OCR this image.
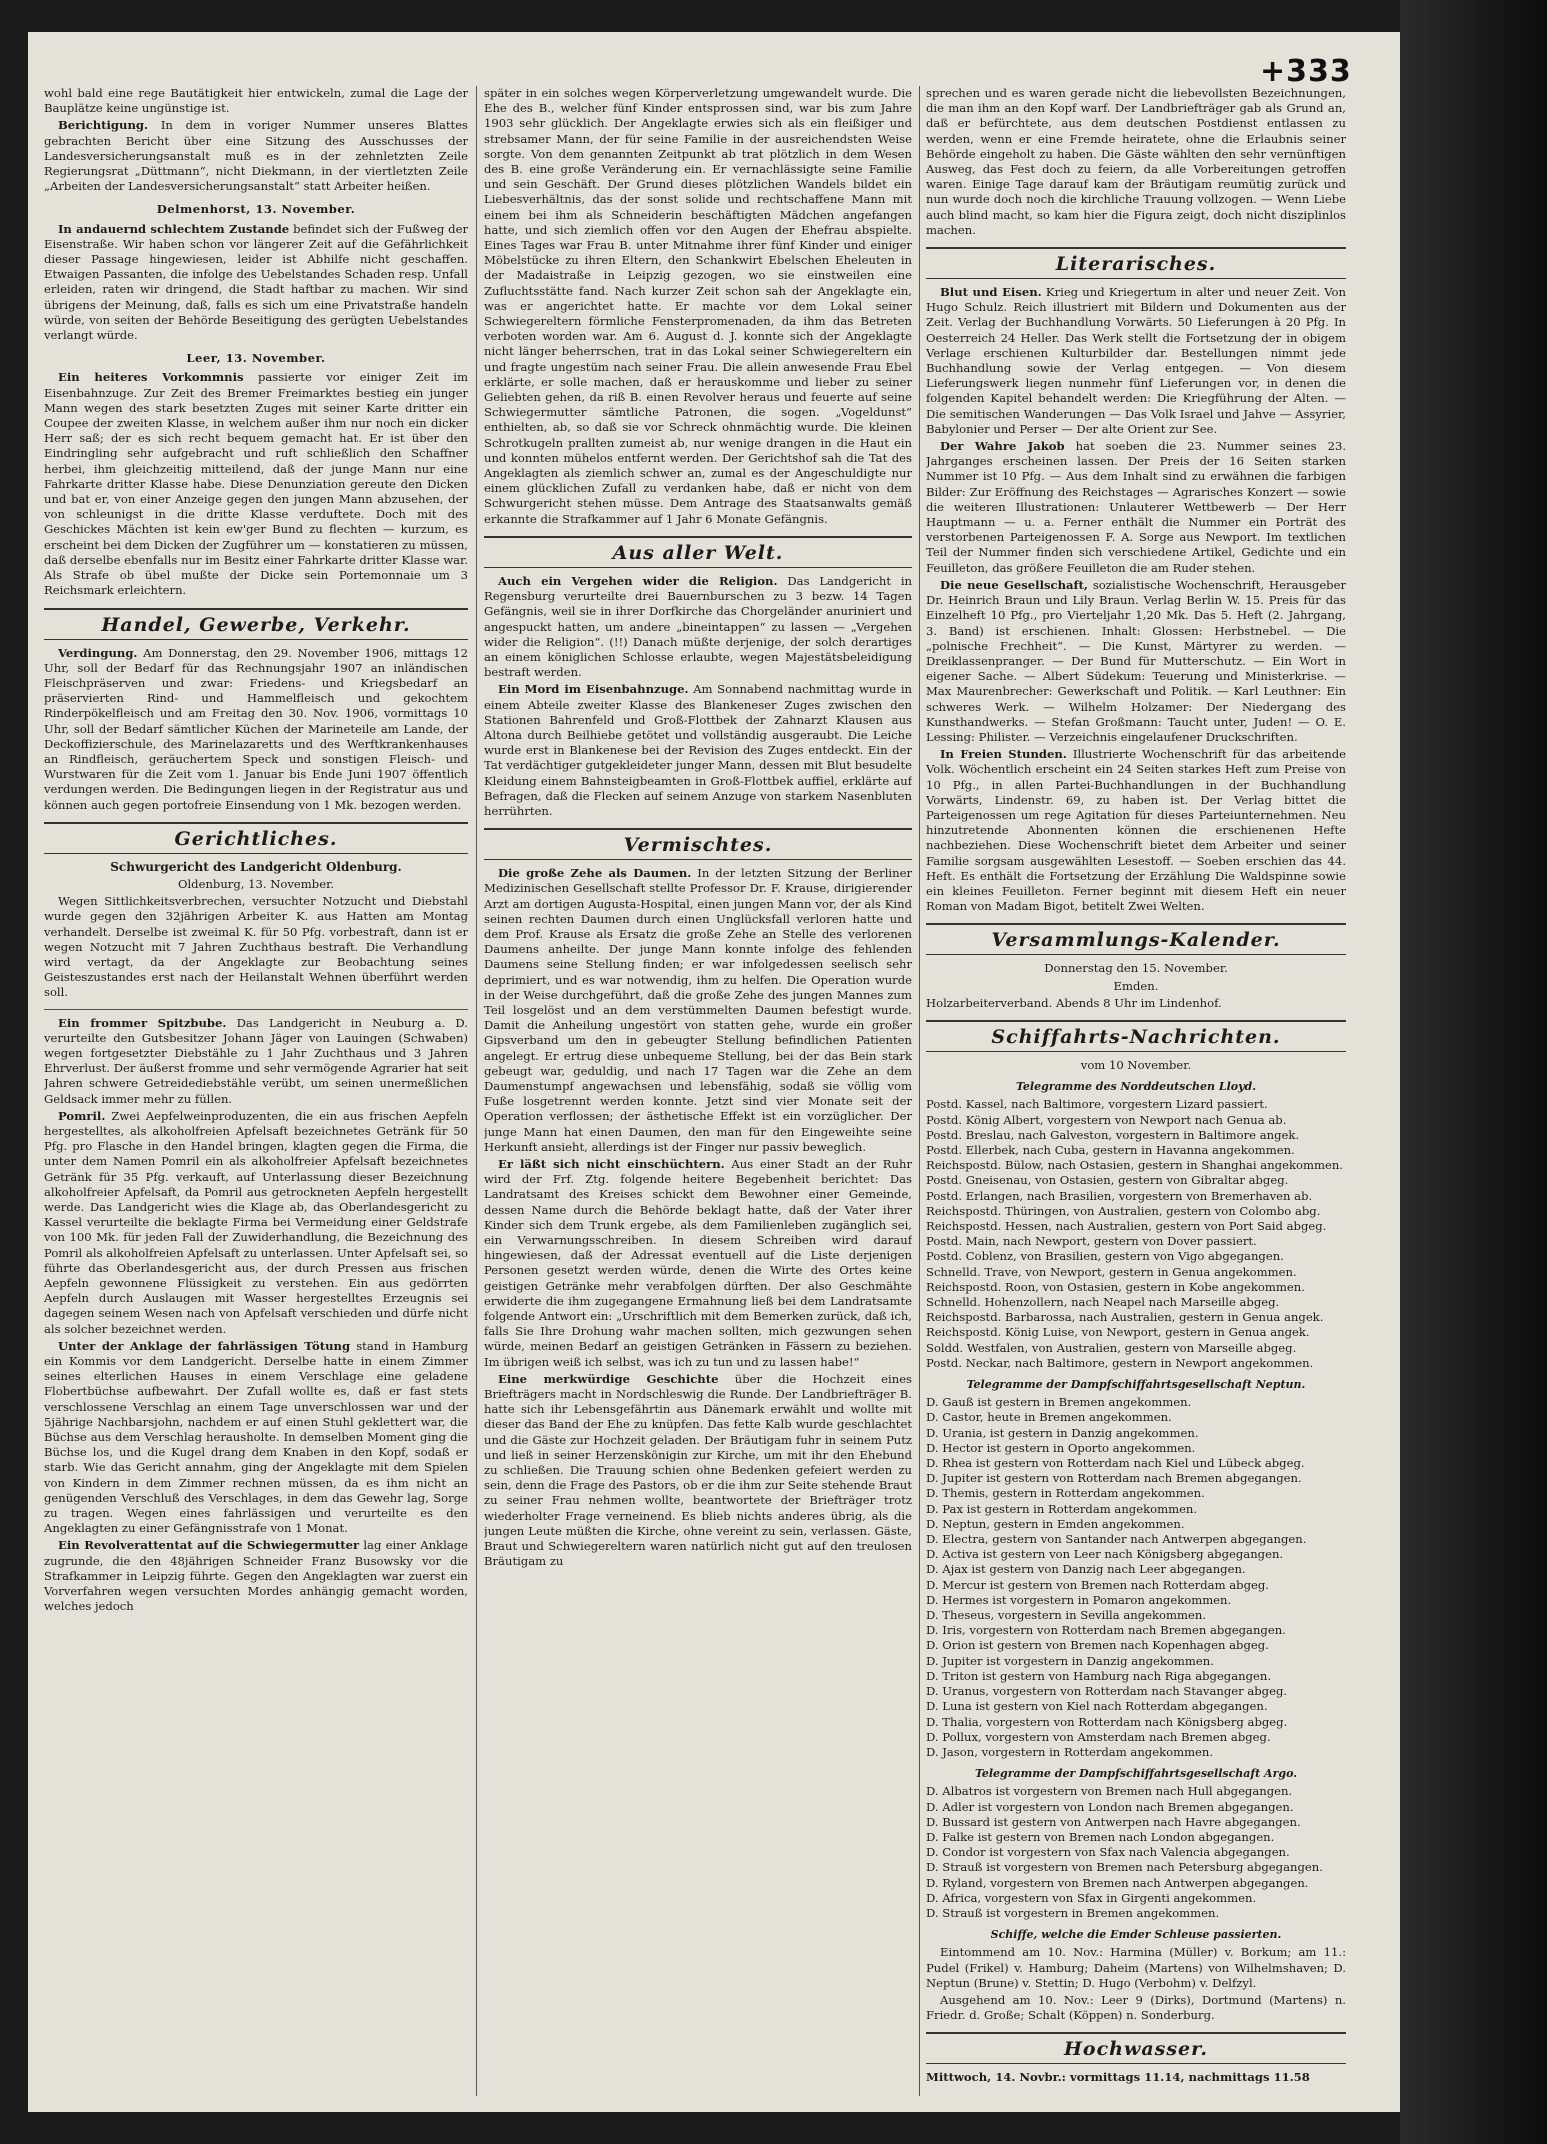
+333

wohl bald eine rege Bautätigkeit hier entwickeln, zumal die Lage der Bauplätze keine ungünstige ist.

Berichtigung. In dem in voriger Nummer unseres Blattes gebrachten Bericht über eine Sitzung des Ausschusses der Landesversicherungsanstalt muß es in der zehnletzten Zeile Regierungsrat „Düttmann“, nicht Diekmann, in der viertletzten Zeile „Arbeiten der Landesversicherungsanstalt“ statt Arbeiter heißen.

Delmenhorst, 13. November.

In andauernd schlechtem Zustande befindet sich der Fußweg der Eisenstraße. Wir haben schon vor längerer Zeit auf die Gefährlichkeit dieser Passage hingewiesen, leider ist Abhilfe nicht geschaffen. Etwaigen Passanten, die infolge des Uebelstandes Schaden resp. Unfall erleiden, raten wir dringend, die Stadt haftbar zu machen. Wir sind übrigens der Meinung, daß, falls es sich um eine Privatstraße handeln würde, von seiten der Behörde Beseitigung des gerügten Uebelstandes verlangt würde.

Leer, 13. November.

Ein heiteres Vorkommnis passierte vor einiger Zeit im Eisenbahnzuge. Zur Zeit des Bremer Freimarktes bestieg ein junger Mann wegen des stark besetzten Zuges mit seiner Karte dritter ein Coupee der zweiten Klasse, in welchem außer ihm nur noch ein dicker Herr saß; der es sich recht bequem gemacht hat. Er ist über den Eindringling sehr aufgebracht und ruft schließlich den Schaffner herbei, ihm gleichzeitig mitteilend, daß der junge Mann nur eine Fahrkarte dritter Klasse habe. Diese Denunziation gereute den Dicken und bat er, von einer Anzeige gegen den jungen Mann abzusehen, der von schleunigst in die dritte Klasse verduftete. Doch mit des Geschickes Mächten ist kein ew'ger Bund zu flechten — kurzum, es erscheint bei dem Dicken der Zugführer um — konstatieren zu müssen, daß derselbe ebenfalls nur im Besitz einer Fahrkarte dritter Klasse war. Als Strafe ob übel mußte der Dicke sein Portemonnaie um 3 Reichsmark erleichtern.

Handel, Gewerbe, Verkehr.

Verdingung. Am Donnerstag, den 29. November 1906, mittags 12 Uhr, soll der Bedarf für das Rechnungsjahr 1907 an inländischen Fleischpräserven und zwar: Friedens- und Kriegsbedarf an präservierten Rind- und Hammelfleisch und gekochtem Rinderpökelfleisch und am Freitag den 30. Nov. 1906, vormittags 10 Uhr, soll der Bedarf sämtlicher Küchen der Marineteile am Lande, der Deckoffizierschule, des Marinelazaretts und des Werftkrankenhauses an Rindfleisch, geräuchertem Speck und sonstigen Fleisch- und Wurstwaren für die Zeit vom 1. Januar bis Ende Juni 1907 öffentlich verdungen werden. Die Bedingungen liegen in der Registratur aus und können auch gegen portofreie Einsendung von 1 Mk. bezogen werden.

Gerichtliches.
Schwurgericht des Landgericht Oldenburg.
Oldenburg, 13. November.

Wegen Sittlichkeitsverbrechen, versuchter Notzucht und Diebstahl wurde gegen den 32jährigen Arbeiter K. aus Hatten am Montag verhandelt. Derselbe ist zweimal K. für 50 Pfg. vorbestraft, dann ist er wegen Notzucht mit 7 Jahren Zuchthaus bestraft. Die Verhandlung wird vertagt, da der Angeklagte zur Beobachtung seines Geisteszustandes erst nach der Heilanstalt Wehnen überführt werden soll.

Ein frommer Spitzbube. Das Landgericht in Neuburg a. D. verurteilte den Gutsbesitzer Johann Jäger von Lauingen (Schwaben) wegen fortgesetzter Diebstähle zu 1 Jahr Zuchthaus und 3 Jahren Ehrverlust. Der äußerst fromme und sehr vermögende Agrarier hat seit Jahren schwere Getreidediebstähle verübt, um seinen unermeßlichen Geldsack immer mehr zu füllen.

Pomril. Zwei Aepfelweinproduzenten, die ein aus frischen Aepfeln hergestelltes, als alkoholfreien Apfelsaft bezeichnetes Getränk für 50 Pfg. pro Flasche in den Handel bringen, klagten gegen die Firma, die unter dem Namen Pomril ein als alkoholfreier Apfelsaft bezeichnetes Getränk für 35 Pfg. verkauft, auf Unterlassung dieser Bezeichnung alkoholfreier Apfelsaft, da Pomril aus getrockneten Aepfeln hergestellt werde. Das Landgericht wies die Klage ab, das Oberlandesgericht zu Kassel verurteilte die beklagte Firma bei Vermeidung einer Geldstrafe von 100 Mk. für jeden Fall der Zuwiderhandlung, die Bezeichnung des Pomril als alkoholfreien Apfelsaft zu unterlassen. Unter Apfelsaft sei, so führte das Oberlandesgericht aus, der durch Pressen aus frischen Aepfeln gewonnene Flüssigkeit zu verstehen. Ein aus gedörrten Aepfeln durch Auslaugen mit Wasser hergestelltes Erzeugnis sei dagegen seinem Wesen nach von Apfelsaft verschieden und dürfe nicht als solcher bezeichnet werden.

Unter der Anklage der fahrlässigen Tötung stand in Hamburg ein Kommis vor dem Landgericht. Derselbe hatte in einem Zimmer seines elterlichen Hauses in einem Verschlage eine geladene Flobertbüchse aufbewahrt. Der Zufall wollte es, daß er fast stets verschlossene Verschlag an einem Tage unverschlossen war und der 5jährige Nachbarsjohn, nachdem er auf einen Stuhl geklettert war, die Büchse aus dem Verschlag herausholte. In demselben Moment ging die Büchse los, und die Kugel drang dem Knaben in den Kopf, sodaß er starb. Wie das Gericht annahm, ging der Angeklagte mit dem Spielen von Kindern in dem Zimmer rechnen müssen, da es ihm nicht an genügenden Verschluß des Verschlages, in dem das Gewehr lag, Sorge zu tragen. Wegen eines fahrlässigen und verurteilte es den Angeklagten zu einer Gefängnisstrafe von 1 Monat.

Ein Revolverattentat auf die Schwiegermutter lag einer Anklage zugrunde, die den 48jährigen Schneider Franz Busowsky vor die Strafkammer in Leipzig führte. Gegen den Angeklagten war zuerst ein Vorverfahren wegen versuchten Mordes anhängig gemacht worden, welches jedoch

später in ein solches wegen Körperverletzung umgewandelt wurde. Die Ehe des B., welcher fünf Kinder entsprossen sind, war bis zum Jahre 1903 sehr glücklich. Der Angeklagte erwies sich als ein fleißiger und strebsamer Mann, der für seine Familie in der ausreichendsten Weise sorgte. Von dem genannten Zeitpunkt ab trat plötzlich in dem Wesen des B. eine große Veränderung ein. Er vernachlässigte seine Familie und sein Geschäft. Der Grund dieses plötzlichen Wandels bildet ein Liebesverhältnis, das der sonst solide und rechtschaffene Mann mit einem bei ihm als Schneiderin beschäftigten Mädchen angefangen hatte, und sich ziemlich offen vor den Augen der Ehefrau abspielte. Eines Tages war Frau B. unter Mitnahme ihrer fünf Kinder und einiger Möbelstücke zu ihren Eltern, den Schankwirt Ebelschen Eheleuten in der Madaistraße in Leipzig gezogen, wo sie einstweilen eine Zufluchtsstätte fand. Nach kurzer Zeit schon sah der Angeklagte ein, was er angerichtet hatte. Er machte vor dem Lokal seiner Schwiegereltern förmliche Fensterpromenaden, da ihm das Betreten verboten worden war. Am 6. August d. J. konnte sich der Angeklagte nicht länger beherrschen, trat in das Lokal seiner Schwiegereltern ein und fragte ungestüm nach seiner Frau. Die allein anwesende Frau Ebel erklärte, er solle machen, daß er herauskomme und lieber zu seiner Geliebten gehen, da riß B. einen Revolver heraus und feuerte auf seine Schwiegermutter sämtliche Patronen, die sogen. „Vogeldunst“ enthielten, ab, so daß sie vor Schreck ohnmächtig wurde. Die kleinen Schrotkugeln prallten zumeist ab, nur wenige drangen in die Haut ein und konnten mühelos entfernt werden. Der Gerichtshof sah die Tat des Angeklagten als ziemlich schwer an, zumal es der Angeschuldigte nur einem glücklichen Zufall zu verdanken habe, daß er nicht von dem Schwurgericht stehen müsse. Dem Antrage des Staatsanwalts gemäß erkannte die Strafkammer auf 1 Jahr 6 Monate Gefängnis.

Aus aller Welt.

Auch ein Vergehen wider die Religion. Das Landgericht in Regensburg verurteilte drei Bauernburschen zu 3 bezw. 14 Tagen Gefängnis, weil sie in ihrer Dorfkirche das Chorgeländer anuriniert und angespuckt hatten, um andere „bineintappen“ zu lassen — „Vergehen wider die Religion“. (!!) Danach müßte derjenige, der solch derartiges an einem königlichen Schlosse erlaubte, wegen Majestätsbeleidigung bestraft werden.

Ein Mord im Eisenbahnzuge. Am Sonnabend nachmittag wurde in einem Abteile zweiter Klasse des Blankeneser Zuges zwischen den Stationen Bahrenfeld und Groß-Flottbek der Zahnarzt Klausen aus Altona durch Beilhiebe getötet und vollständig ausgeraubt. Die Leiche wurde erst in Blankenese bei der Revision des Zuges entdeckt. Ein der Tat verdächtiger gutgekleideter junger Mann, dessen mit Blut besudelte Kleidung einem Bahnsteigbeamten in Groß-Flottbek auffiel, erklärte auf Befragen, daß die Flecken auf seinem Anzuge von starkem Nasenbluten herrührten.

Vermischtes.

Die große Zehe als Daumen. In der letzten Sitzung der Berliner Medizinischen Gesellschaft stellte Professor Dr. F. Krause, dirigierender Arzt am dortigen Augusta-Hospital, einen jungen Mann vor, der als Kind seinen rechten Daumen durch einen Unglücksfall verloren hatte und dem Prof. Krause als Ersatz die große Zehe an Stelle des verlorenen Daumens anheilte. Der junge Mann konnte infolge des fehlenden Daumens seine Stellung finden; er war infolgedessen seelisch sehr deprimiert, und es war notwendig, ihm zu helfen. Die Operation wurde in der Weise durchgeführt, daß die große Zehe des jungen Mannes zum Teil losgelöst und an dem verstümmelten Daumen befestigt wurde. Damit die Anheilung ungestört von statten gehe, wurde ein großer Gipsverband um den in gebeugter Stellung befindlichen Patienten angelegt. Er ertrug diese unbequeme Stellung, bei der das Bein stark gebeugt war, geduldig, und nach 17 Tagen war die Zehe an dem Daumenstumpf angewachsen und lebensfähig, sodaß sie völlig vom Fuße losgetrennt werden konnte. Jetzt sind vier Monate seit der Operation verflossen; der ästhetische Effekt ist ein vorzüglicher. Der junge Mann hat einen Daumen, den man für den Eingeweihte seine Herkunft ansieht, allerdings ist der Finger nur passiv beweglich.

Er läßt sich nicht einschüchtern. Aus einer Stadt an der Ruhr wird der Frf. Ztg. folgende heitere Begebenheit berichtet: Das Landratsamt des Kreises schickt dem Bewohner einer Gemeinde, dessen Name durch die Behörde beklagt hatte, daß der Vater ihrer Kinder sich dem Trunk ergebe, als dem Familienleben zugänglich sei, ein Verwarnungsschreiben. In diesem Schreiben wird darauf hingewiesen, daß der Adressat eventuell auf die Liste derjenigen Personen gesetzt werden würde, denen die Wirte des Ortes keine geistigen Getränke mehr verabfolgen dürften. Der also Geschmähte erwiderte die ihm zugegangene Ermahnung ließ bei dem Landratsamte folgende Antwort ein: „Urschriftlich mit dem Bemerken zurück, daß ich, falls Sie Ihre Drohung wahr machen sollten, mich gezwungen sehen würde, meinen Bedarf an geistigen Getränken in Fässern zu beziehen. Im übrigen weiß ich selbst, was ich zu tun und zu lassen habe!“

Eine merkwürdige Geschichte über die Hochzeit eines Briefträgers macht in Nordschleswig die Runde. Der Landbriefträger B. hatte sich ihr Lebensgefährtin aus Dänemark erwählt und wollte mit dieser das Band der Ehe zu knüpfen. Das fette Kalb wurde geschlachtet und die Gäste zur Hochzeit geladen. Der Bräutigam fuhr in seinem Putz und ließ in seiner Herzenskönigin zur Kirche, um mit ihr den Ehebund zu schließen. Die Trauung schien ohne Bedenken gefeiert werden zu sein, denn die Frage des Pastors, ob er die ihm zur Seite stehende Braut zu seiner Frau nehmen wollte, beantwortete der Briefträger trotz wiederholter Frage verneinend. Es blieb nichts anderes übrig, als die jungen Leute müßten die Kirche, ohne vereint zu sein, verlassen. Gäste, Braut und Schwiegereltern waren natürlich nicht gut auf den treulosen Bräutigam zu

sprechen und es waren gerade nicht die liebevollsten Bezeichnungen, die man ihm an den Kopf warf. Der Landbriefträger gab als Grund an, daß er befürchtete, aus dem deutschen Postdienst entlassen zu werden, wenn er eine Fremde heiratete, ohne die Erlaubnis seiner Behörde eingeholt zu haben. Die Gäste wählten den sehr vernünftigen Ausweg, das Fest doch zu feiern, da alle Vorbereitungen getroffen waren. Einige Tage darauf kam der Bräutigam reumütig zurück und nun wurde doch noch die kirchliche Trauung vollzogen. — Wenn Liebe auch blind macht, so kam hier die Figura zeigt, doch nicht disziplinlos machen.

Literarisches.

Blut und Eisen. Krieg und Kriegertum in alter und neuer Zeit. Von Hugo Schulz. Reich illustriert mit Bildern und Dokumenten aus der Zeit. Verlag der Buchhandlung Vorwärts. 50 Lieferungen à 20 Pfg. In Oesterreich 24 Heller. Das Werk stellt die Fortsetzung der in obigem Verlage erschienen Kulturbilder dar. Bestellungen nimmt jede Buchhandlung sowie der Verlag entgegen. — Von diesem Lieferungswerk liegen nunmehr fünf Lieferungen vor, in denen die folgenden Kapitel behandelt werden: Die Kriegführung der Alten. — Die semitischen Wanderungen — Das Volk Israel und Jahve — Assyrier, Babylonier und Perser — Der alte Orient zur See.

Der Wahre Jakob hat soeben die 23. Nummer seines 23. Jahrganges erscheinen lassen. Der Preis der 16 Seiten starken Nummer ist 10 Pfg. — Aus dem Inhalt sind zu erwähnen die farbigen Bilder: Zur Eröffnung des Reichstages — Agrarisches Konzert — sowie die weiteren Illustrationen: Unlauterer Wettbewerb — Der Herr Hauptmann — u. a. Ferner enthält die Nummer ein Porträt des verstorbenen Parteigenossen F. A. Sorge aus Newport. Im textlichen Teil der Nummer finden sich verschiedene Artikel, Gedichte und ein Feuilleton, das größere Feuilleton die am Ruder stehen.

Die neue Gesellschaft, sozialistische Wochenschrift, Herausgeber Dr. Heinrich Braun und Lily Braun. Verlag Berlin W. 15. Preis für das Einzelheft 10 Pfg., pro Vierteljahr 1,20 Mk. Das 5. Heft (2. Jahrgang, 3. Band) ist erschienen. Inhalt: Glossen: Herbstnebel. — Die „polnische Frechheit“. — Die Kunst, Märtyrer zu werden. — Dreiklassenpranger. — Der Bund für Mutterschutz. — Ein Wort in eigener Sache. — Albert Südekum: Teuerung und Ministerkrise. — Max Maurenbrecher: Gewerkschaft und Politik. — Karl Leuthner: Ein schweres Werk. — Wilhelm Holzamer: Der Niedergang des Kunsthandwerks. — Stefan Großmann: Taucht unter, Juden! — O. E. Lessing: Philister. — Verzeichnis eingelaufener Druckschriften.

In Freien Stunden. Illustrierte Wochenschrift für das arbeitende Volk. Wöchentlich erscheint ein 24 Seiten starkes Heft zum Preise von 10 Pfg., in allen Partei-Buchhandlungen in der Buchhandlung Vorwärts, Lindenstr. 69, zu haben ist. Der Verlag bittet die Parteigenossen um rege Agitation für dieses Parteiunternehmen. Neu hinzutretende Abonnenten können die erschienenen Hefte nachbeziehen. Diese Wochenschrift bietet dem Arbeiter und seiner Familie sorgsam ausgewählten Lesestoff. — Soeben erschien das 44. Heft. Es enthält die Fortsetzung der Erzählung Die Waldspinne sowie ein kleines Feuilleton. Ferner beginnt mit diesem Heft ein neuer Roman von Madam Bigot, betitelt Zwei Welten.

Versammlungs-Kalender.
Donnerstag den 15. November.
Emden.

Holzarbeiterverband. Abends 8 Uhr im Lindenhof.

Schiffahrts-Nachrichten.
vom 10 November.
Telegramme des Norddeutschen Lloyd.
Postd. Kassel, nach Baltimore, vorgestern Lizard passiert.
Postd. König Albert, vorgestern von Newport nach Genua ab.
Postd. Breslau, nach Galveston, vorgestern in Baltimore angek.
Postd. Ellerbek, nach Cuba, gestern in Havanna angekommen.
Reichspostd. Bülow, nach Ostasien, gestern in Shanghai angekommen.
Postd. Gneisenau, von Ostasien, gestern von Gibraltar abgeg.
Postd. Erlangen, nach Brasilien, vorgestern von Bremerhaven ab.
Reichspostd. Thüringen, von Australien, gestern von Colombo abg.
Reichspostd. Hessen, nach Australien, gestern von Port Said abgeg.
Postd. Main, nach Newport, gestern von Dover passiert.
Postd. Coblenz, von Brasilien, gestern von Vigo abgegangen.
Schnelld. Trave, von Newport, gestern in Genua angekommen.
Reichspostd. Roon, von Ostasien, gestern in Kobe angekommen.
Schnelld. Hohenzollern, nach Neapel nach Marseille abgeg.
Reichspostd. Barbarossa, nach Australien, gestern in Genua angek.
Reichspostd. König Luise, von Newport, gestern in Genua angek.
Soldd. Westfalen, von Australien, gestern von Marseille abgeg.
Postd. Neckar, nach Baltimore, gestern in Newport angekommen.
Telegramme der Dampfschiffahrtsgesellschaft Neptun.
D. Gauß ist gestern in Bremen angekommen.
D. Castor, heute in Bremen angekommen.
D. Urania, ist gestern in Danzig angekommen.
D. Hector ist gestern in Oporto angekommen.
D. Rhea ist gestern von Rotterdam nach Kiel und Lübeck abgeg.
D. Jupiter ist gestern von Rotterdam nach Bremen abgegangen.
D. Themis, gestern in Rotterdam angekommen.
D. Pax ist gestern in Rotterdam angekommen.
D. Neptun, gestern in Emden angekommen.
D. Electra, gestern von Santander nach Antwerpen abgegangen.
D. Activa ist gestern von Leer nach Königsberg abgegangen.
D. Ajax ist gestern von Danzig nach Leer abgegangen.
D. Mercur ist gestern von Bremen nach Rotterdam abgeg.
D. Hermes ist vorgestern in Pomaron angekommen.
D. Theseus, vorgestern in Sevilla angekommen.
D. Iris, vorgestern von Rotterdam nach Bremen abgegangen.
D. Orion ist gestern von Bremen nach Kopenhagen abgeg.
D. Jupiter ist vorgestern in Danzig angekommen.
D. Triton ist gestern von Hamburg nach Riga abgegangen.
D. Uranus, vorgestern von Rotterdam nach Stavanger abgeg.
D. Luna ist gestern von Kiel nach Rotterdam abgegangen.
D. Thalia, vorgestern von Rotterdam nach Königsberg abgeg.
D. Pollux, vorgestern von Amsterdam nach Bremen abgeg.
D. Jason, vorgestern in Rotterdam angekommen.
Telegramme der Dampfschiffahrtsgesellschaft Argo.
D. Albatros ist vorgestern von Bremen nach Hull abgegangen.
D. Adler ist vorgestern von London nach Bremen abgegangen.
D. Bussard ist gestern von Antwerpen nach Havre abgegangen.
D. Falke ist gestern von Bremen nach London abgegangen.
D. Condor ist vorgestern von Sfax nach Valencia abgegangen.
D. Strauß ist vorgestern von Bremen nach Petersburg abgegangen.
D. Ryland, vorgestern von Bremen nach Antwerpen abgegangen.
D. Africa, vorgestern von Sfax in Girgenti angekommen.
D. Strauß ist vorgestern in Bremen angekommen.
Schiffe, welche die Emder Schleuse passierten.

Eintommend am 10. Nov.: Harmina (Müller) v. Borkum; am 11.: Pudel (Frikel) v. Hamburg; Daheim (Martens) von Wilhelmshaven; D. Neptun (Brune) v. Stettin; D. Hugo (Verbohm) v. Delfzyl.

Ausgehend am 10. Nov.: Leer 9 (Dirks), Dortmund (Martens) n. Friedr. d. Große; Schalt (Köppen) n. Sonderburg.

Hochwasser.

Mittwoch, 14. Novbr.: vormittags 11.14, nachmittags 11.58
